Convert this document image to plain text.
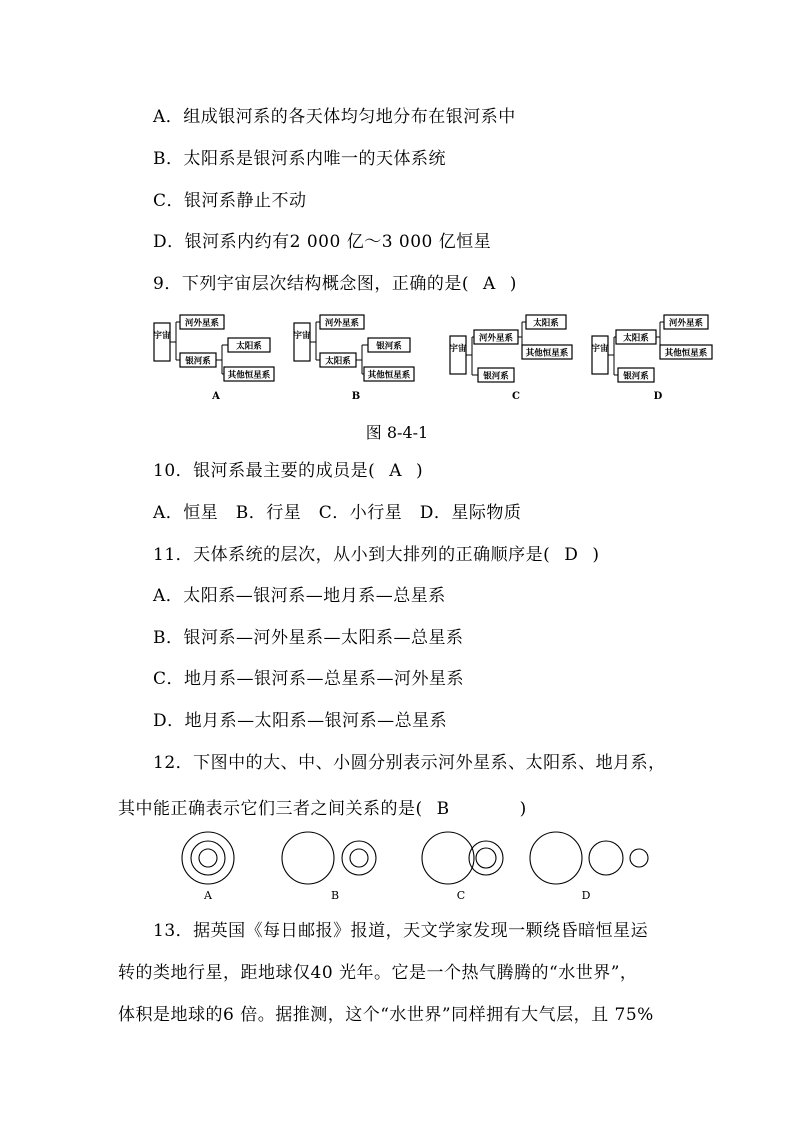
A．组成银河系的各天体均匀地分布在银河系中
B．太阳系是银河系内唯一的天体系统
C．银河系静止不动
D．银河系内约有2 000 亿～3 000 亿恒星
9．下列宇宙层次结构概念图，正确的是( A )
宇宙
河外星系
银河系
太阳系
其他恒星系
A
宇宙
河外星系
太阳系
银河系
其他恒星系
B
宇宙
河外星系
太阳系
其他恒星系
银河系
C
宇宙
太阳系
河外星系
其他恒星系
银河系
D
图 8-4-1
10．银河系最主要的成员是( A )
A．恒星　B．行星　C．小行星　D．星际物质
11．天体系统的层次，从小到大排列的正确顺序是( D )
A．太阳系—银河系—地月系—总星系
B．银河系—河外星系—太阳系—总星系
C．地月系—银河系—总星系—河外星系
D．地月系—太阳系—银河系—总星系
12．下图中的大、中、小圆分别表示河外星系、太阳系、地月系，
其中能正确表示它们三者之间关系的是( B	)
A	B	C	D
13．据英国《每日邮报》报道，天文学家发现一颗绕昏暗恒星运
转的类地行星，距地球仅40 光年。它是一个热气腾腾的“水世界”，
体积是地球的6 倍。据推测，这个“水世界”同样拥有大气层，且 75%
